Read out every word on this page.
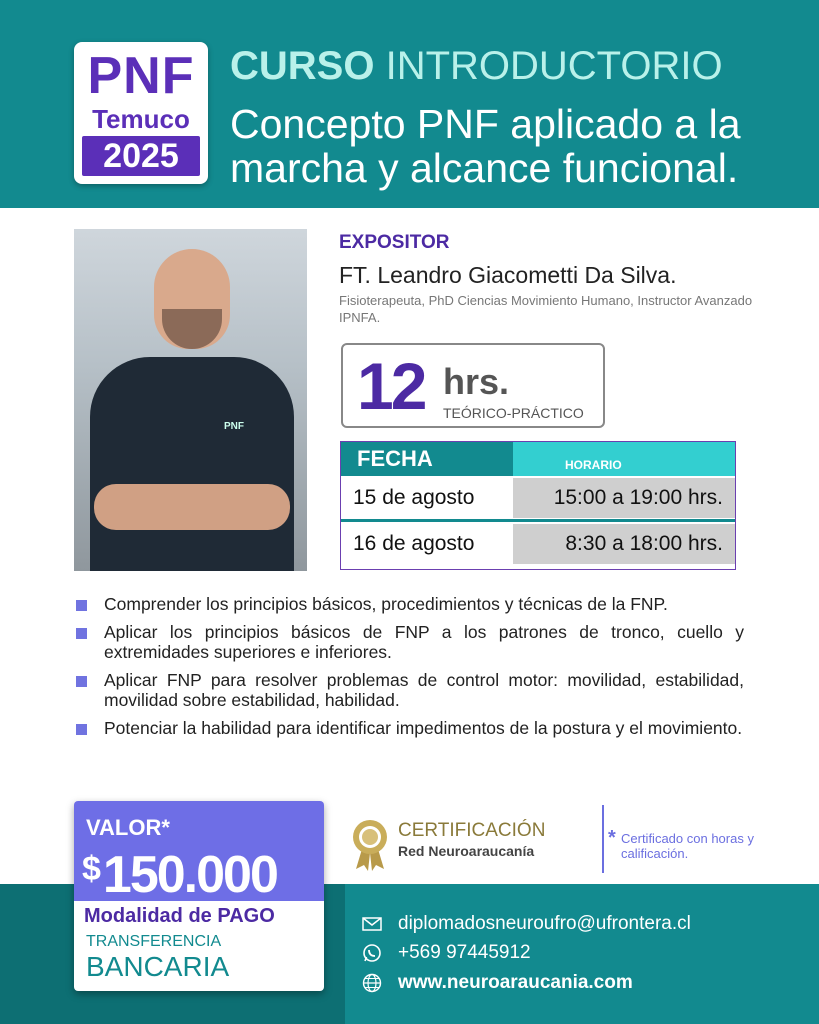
PNF
Temuco
2025
CURSO INTRODUCTORIO
Concepto PNF aplicado a la marcha y alcance funcional.
PNF
EXPOSITOR
FT. Leandro Giacometti Da Silva.
Fisioterapeuta, PhD Ciencias Movimiento Humano, Instructor Avanzado IPNFA.
12 hrs.
TEÓRICO-PRÁCTICO
FECHA	HORARIO
15 de agosto	15:00 a 19:00 hrs.
16 de agosto	8:30 a 18:00 hrs.
Comprender los principios básicos, procedimientos y técnicas de la FNP.
Aplicar los principios básicos de FNP a los patrones de tronco, cuello y extremidades superiores e inferiores.
Aplicar FNP para resolver problemas de control motor: movilidad, estabilidad, movilidad sobre estabilidad, habilidad.
Potenciar la habilidad para identificar impedimentos de la postura y el movimiento.
VALOR*
$150.000
Modalidad de PAGO
TRANSFERENCIA
BANCARIA
CERTIFICACIÓN
Red Neuroaraucanía
* Certificado con horas y calificación.
diplomadosneuroufro@ufrontera.cl
+569 97445912
www.neuroaraucania.com
